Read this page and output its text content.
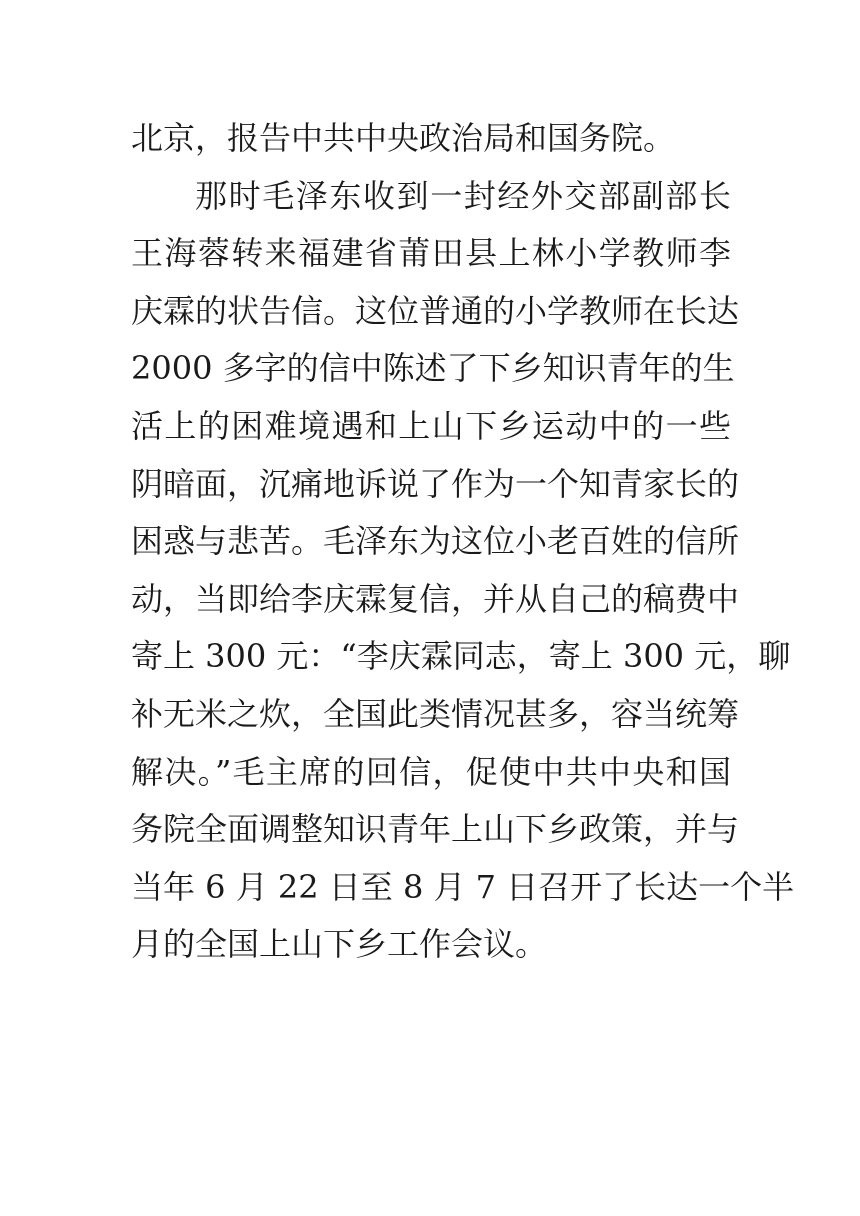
北京，报告中共中央政治局和国务院。
那时毛泽东收到一封经外交部副部长
王海蓉转来福建省莆田县上林小学教师李
庆霖的状告信。这位普通的小学教师在长达
2000 多字的信中陈述了下乡知识青年的生
活上的困难境遇和上山下乡运动中的一些
阴暗面，沉痛地诉说了作为一个知青家长的
困惑与悲苦。毛泽东为这位小老百姓的信所
动，当即给李庆霖复信，并从自己的稿费中
寄上 300 元：“李庆霖同志，寄上 300 元，聊
补无米之炊，全国此类情况甚多，容当统筹
解决。”毛主席的回信，促使中共中央和国
务院全面调整知识青年上山下乡政策，并与
当年 6 月 22 日至 8 月 7 日召开了长达一个半
月的全国上山下乡工作会议。
